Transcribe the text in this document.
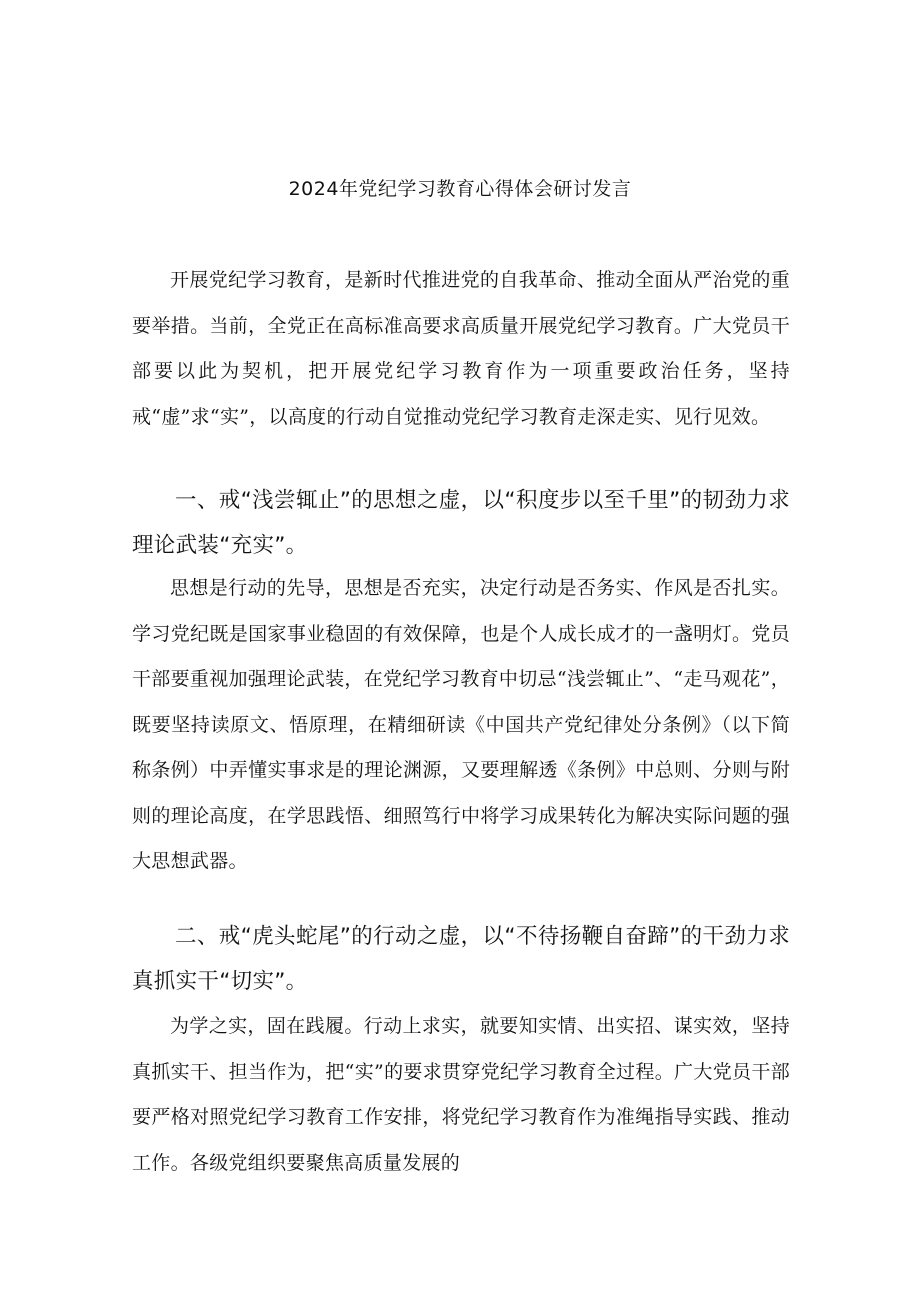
2024年党纪学习教育心得体会研讨发言

开展党纪学习教育，是新时代推进党的自我革命、推动全面从严治党的重要举措。当前，全党正在高标准高要求高质量开展党纪学习教育。广大党员干部要以此为契机，把开展党纪学习教育作为一项重要政治任务，坚持戒“虚”求“实”，以高度的行动自觉推动党纪学习教育走深走实、见行见效。

一、戒“浅尝辄止”的思想之虚，以“积度步以至千里”的韧劲力求理论武装“充实”。

思想是行动的先导，思想是否充实，决定行动是否务实、作风是否扎实。学习党纪既是国家事业稳固的有效保障，也是个人成长成才的一盏明灯。党员干部要重视加强理论武装，在党纪学习教育中切忌“浅尝辄止”、“走马观花”，既要坚持读原文、悟原理，在精细研读《中国共产党纪律处分条例》（以下简称条例）中弄懂实事求是的理论渊源，又要理解透《条例》中总则、分则与附则的理论高度，在学思践悟、细照笃行中将学习成果转化为解决实际问题的强大思想武器。

二、戒“虎头蛇尾”的行动之虚，以“不待扬鞭自奋蹄”的干劲力求真抓实干“切实”。

为学之实，固在践履。行动上求实，就要知实情、出实招、谋实效，坚持真抓实干、担当作为，把“实”的要求贯穿党纪学习教育全过程。广大党员干部要严格对照党纪学习教育工作安排，将党纪学习教育作为准绳指导实践、推动工作。各级党组织要聚焦高质量发展的
